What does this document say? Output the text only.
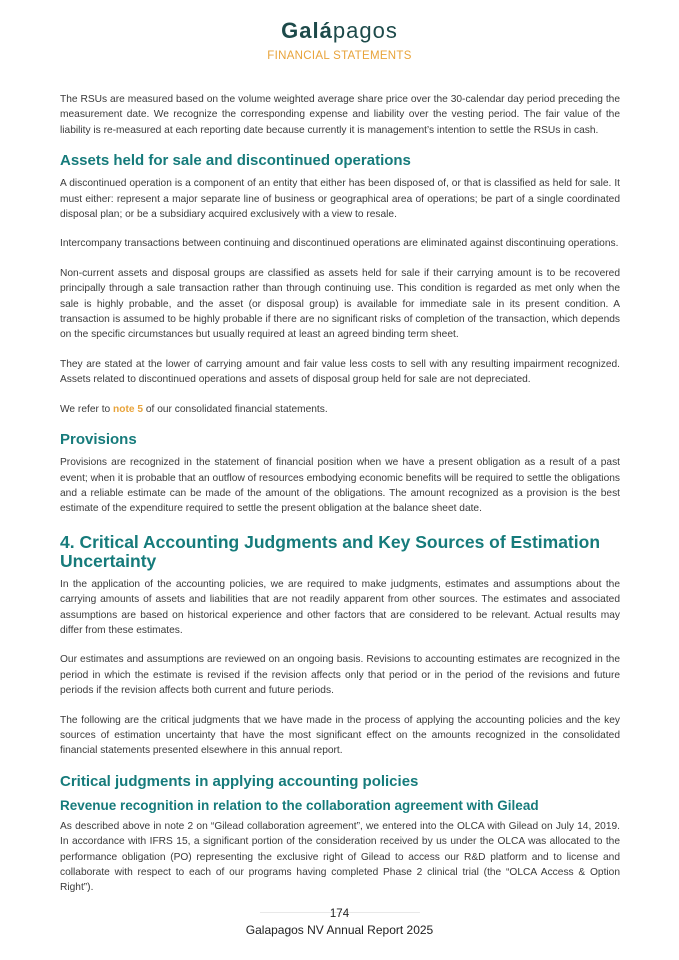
Galápagos
FINANCIAL STATEMENTS

The RSUs are measured based on the volume weighted average share price over the 30-calendar day period preceding the measurement date. We recognize the corresponding expense and liability over the vesting period. The fair value of the liability is re-measured at each reporting date because currently it is management’s intention to settle the RSUs in cash.

Assets held for sale and discontinued operations

A discontinued operation is a component of an entity that either has been disposed of, or that is classified as held for sale. It must either: represent a major separate line of business or geographical area of operations; be part of a single coordinated disposal plan; or be a subsidiary acquired exclusively with a view to resale.

Intercompany transactions between continuing and discontinued operations are eliminated against discontinuing operations.

Non-current assets and disposal groups are classified as assets held for sale if their carrying amount is to be recovered principally through a sale transaction rather than through continuing use. This condition is regarded as met only when the sale is highly probable, and the asset (or disposal group) is available for immediate sale in its present condition. A transaction is assumed to be highly probable if there are no significant risks of completion of the transaction, which depends on the specific circumstances but usually required at least an agreed binding term sheet.

They are stated at the lower of carrying amount and fair value less costs to sell with any resulting impairment recognized. Assets related to discontinued operations and assets of disposal group held for sale are not depreciated.

We refer to note 5 of our consolidated financial statements.

Provisions

Provisions are recognized in the statement of financial position when we have a present obligation as a result of a past event; when it is probable that an outflow of resources embodying economic benefits will be required to settle the obligations and a reliable estimate can be made of the amount of the obligations. The amount recognized as a provision is the best estimate of the expenditure required to settle the present obligation at the balance sheet date.

4. Critical Accounting Judgments and Key Sources of Estimation Uncertainty

In the application of the accounting policies, we are required to make judgments, estimates and assumptions about the carrying amounts of assets and liabilities that are not readily apparent from other sources. The estimates and associated assumptions are based on historical experience and other factors that are considered to be relevant. Actual results may differ from these estimates.

Our estimates and assumptions are reviewed on an ongoing basis. Revisions to accounting estimates are recognized in the period in which the estimate is revised if the revision affects only that period or in the period of the revisions and future periods if the revision affects both current and future periods.

The following are the critical judgments that we have made in the process of applying the accounting policies and the key sources of estimation uncertainty that have the most significant effect on the amounts recognized in the consolidated financial statements presented elsewhere in this annual report.

Critical judgments in applying accounting policies
Revenue recognition in relation to the collaboration agreement with Gilead

As described above in note 2 on “Gilead collaboration agreement”, we entered into the OLCA with Gilead on July 14, 2019. In accordance with IFRS 15, a significant portion of the consideration received by us under the OLCA was allocated to the performance obligation (PO) representing the exclusive right of Gilead to access our R&D platform and to license and collaborate with respect to each of our programs having completed Phase 2 clinical trial (the “OLCA Access & Option Right”).

174
Galapagos NV Annual Report 2025
